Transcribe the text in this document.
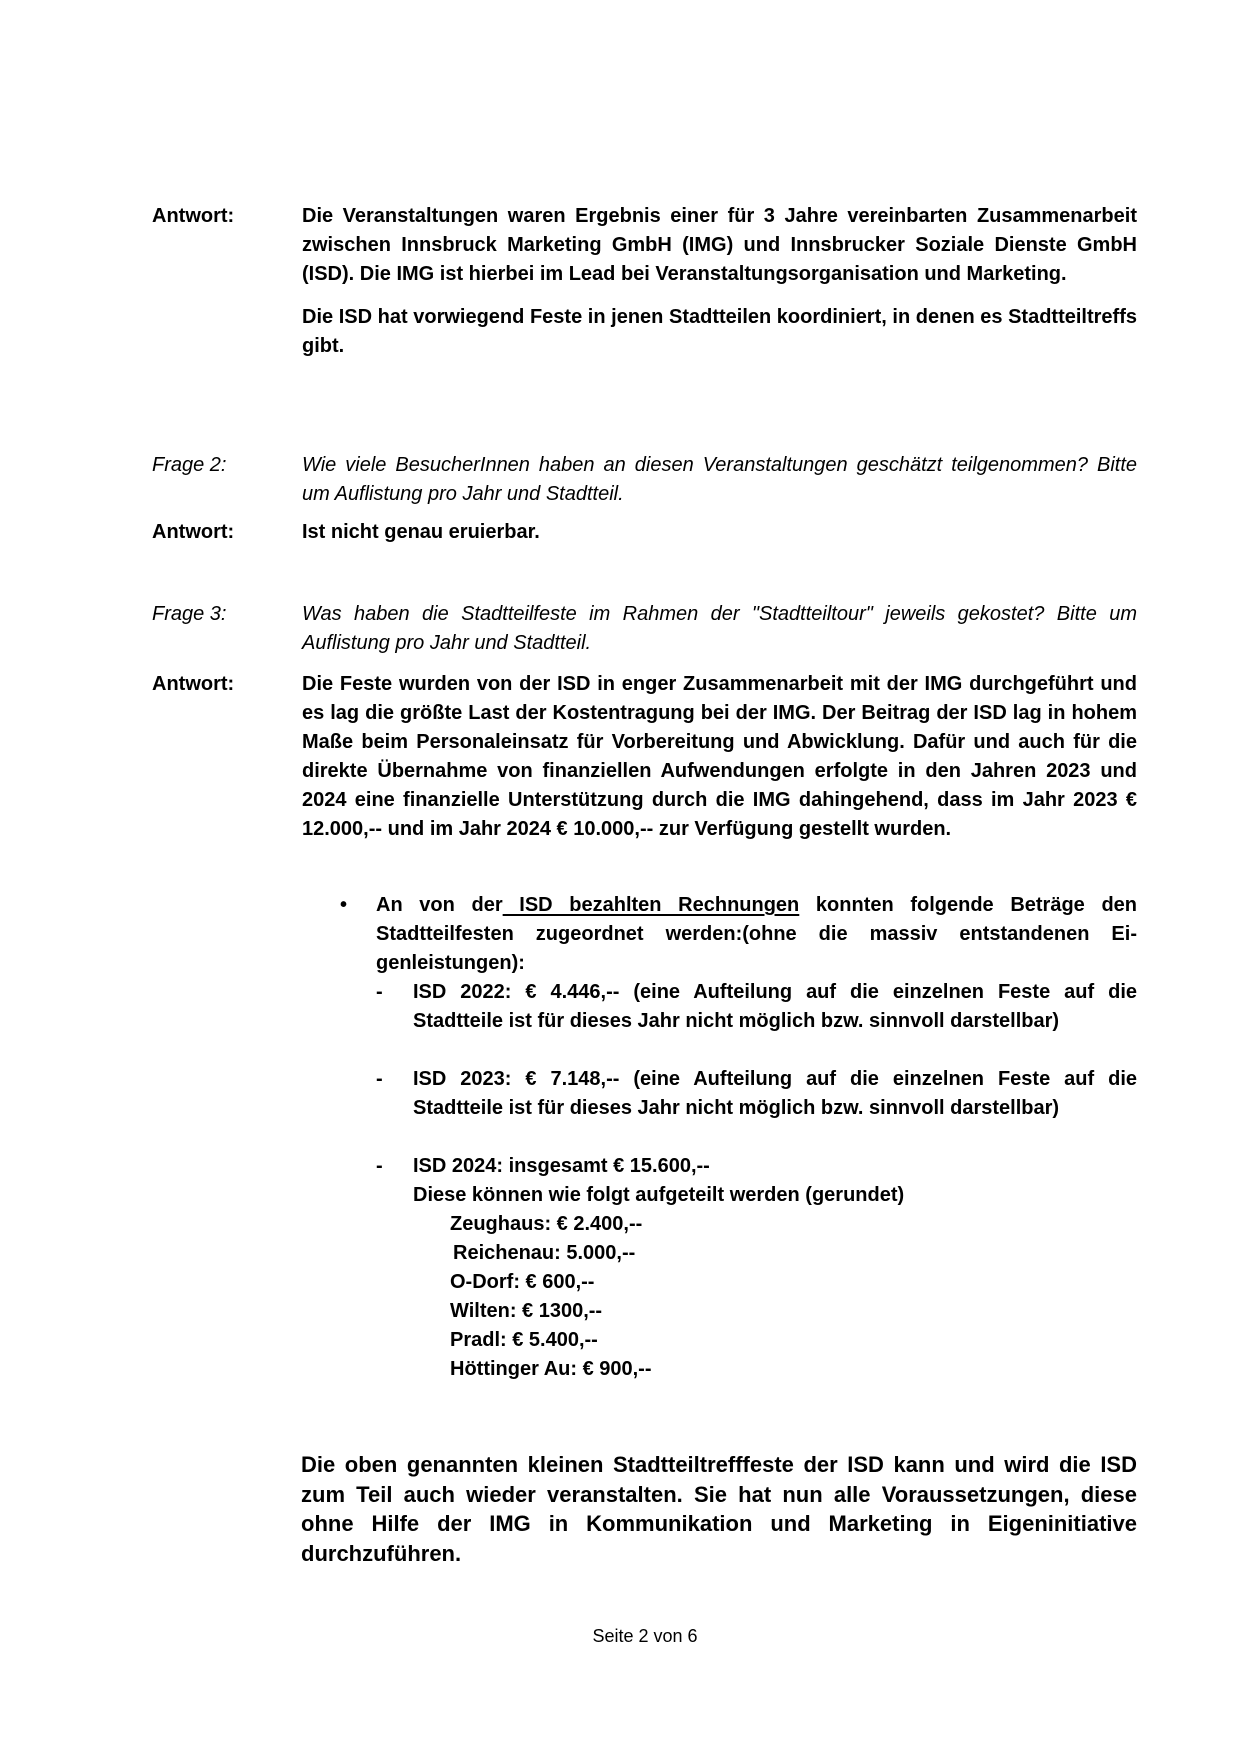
Antwort:	Die Veranstaltungen waren Ergebnis einer für 3 Jahre vereinbarten Zusammenarbeit zwischen Innsbruck Marketing GmbH (IMG) und Innsbrucker Soziale Dienste GmbH (ISD). Die IMG ist hierbei im Lead bei Veranstaltungsorganisation und Marketing.
Die ISD hat vorwiegend Feste in jenen Stadtteilen koordiniert, in denen es Stadtteiltreffs gibt.
Frage 2:	Wie viele BesucherInnen haben an diesen Veranstaltungen geschätzt teilgenommen? Bitte um Auflistung pro Jahr und Stadtteil.
Antwort:	Ist nicht genau eruierbar.
Frage 3:	Was haben die Stadtteilfeste im Rahmen der "Stadtteiltour" jeweils gekostet? Bitte um Auflistung pro Jahr und Stadtteil.
Antwort:	Die Feste wurden von der ISD in enger Zusammenarbeit mit der IMG durchgeführt und es lag die größte Last der Kostentragung bei der IMG. Der Beitrag der ISD lag in hohem Maße beim Personaleinsatz für Vorbereitung und Abwicklung. Dafür und auch für die direkte Übernahme von finanziellen Aufwendungen erfolgte in den Jahren 2023 und 2024 eine finanzielle Unterstützung durch die IMG dahingehend, dass im Jahr 2023 € 12.000,-- und im Jahr 2024 € 10.000,-- zur Verfügung gestellt wurden.
•	An von der ISD bezahlten Rechnungen konnten folgende Beträge den Stadtteilfesten zugeordnet werden:(ohne die massiv entstandenen Eigenleistungen):
-	ISD 2022: € 4.446,-- (eine Aufteilung auf die einzelnen Feste auf die Stadtteile ist für dieses Jahr nicht möglich bzw. sinnvoll darstellbar)
-	ISD 2023: € 7.148,-- (eine Aufteilung auf die einzelnen Feste auf die Stadtteile ist für dieses Jahr nicht möglich bzw. sinnvoll darstellbar)
-	ISD 2024: insgesamt € 15.600,--
Diese können wie folgt aufgeteilt werden (gerundet)
Zeughaus: € 2.400,--
Reichenau: 5.000,--
O-Dorf: € 600,--
Wilten: € 1300,--
Pradl: € 5.400,--
Höttinger Au: € 900,--
Die oben genannten kleinen Stadtteiltrefffeste der ISD kann und wird die ISD zum Teil auch wieder veranstalten. Sie hat nun alle Voraussetzungen, diese ohne Hilfe der IMG in Kommunikation und Marketing in Eigeninitiative durchzuführen.
Seite 2 von 6
